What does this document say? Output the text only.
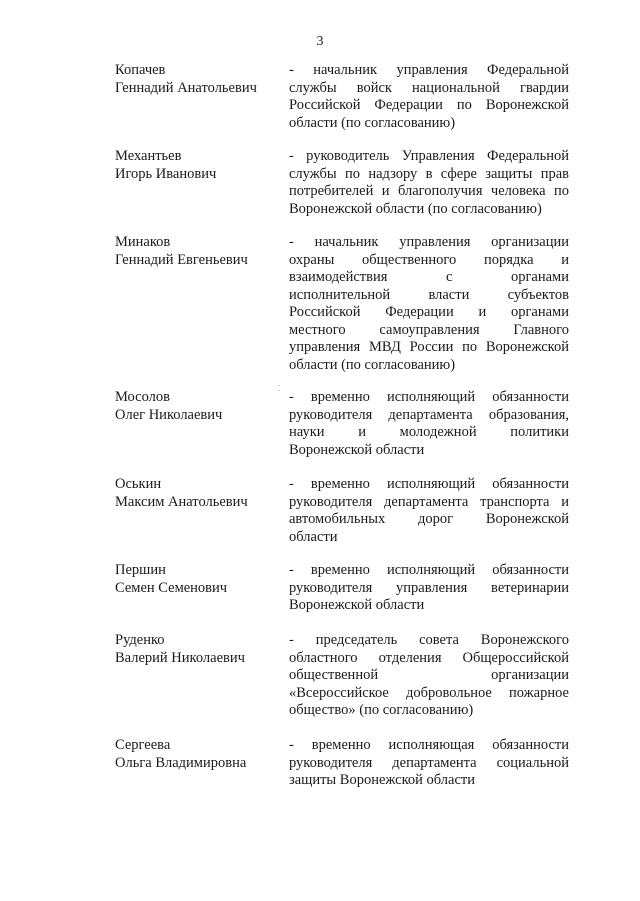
3
Копачев
Геннадий Анатольевич
- начальник управления Федеральной
службы войск национальной гвардии
Российской Федерации по Воронежской
области (по согласованию)
Механтьев
Игорь Иванович
- руководитель Управления Федеральной
службы по надзору в сфере защиты прав
потребителей и благополучия человека по
Воронежской области (по согласованию)
Минаков
Геннадий Евгеньевич
- начальник управления организации
охраны общественного порядка и
взаимодействия с органами
исполнительной власти субъектов
Российской Федерации и органами
местного самоуправления Главного
управления МВД России по Воронежской
области (по согласованию)
Мосолов
Олег Николаевич
- временно исполняющий обязанности
руководителя департамента образования,
науки и молодежной политики
Воронежской области
Оськин
Максим Анатольевич
- временно исполняющий обязанности
руководителя департамента транспорта и
автомобильных дорог Воронежской
области
Першин
Семен Семенович
- временно исполняющий обязанности
руководителя управления ветеринарии
Воронежской области
Руденко
Валерий Николаевич
- председатель совета Воронежского
областного отделения Общероссийской
общественной организации
«Всероссийское добровольное пожарное
общество» (по согласованию)
Сергеева
Ольга Владимировна
- временно исполняющая обязанности
руководителя департамента социальной
защиты Воронежской области
